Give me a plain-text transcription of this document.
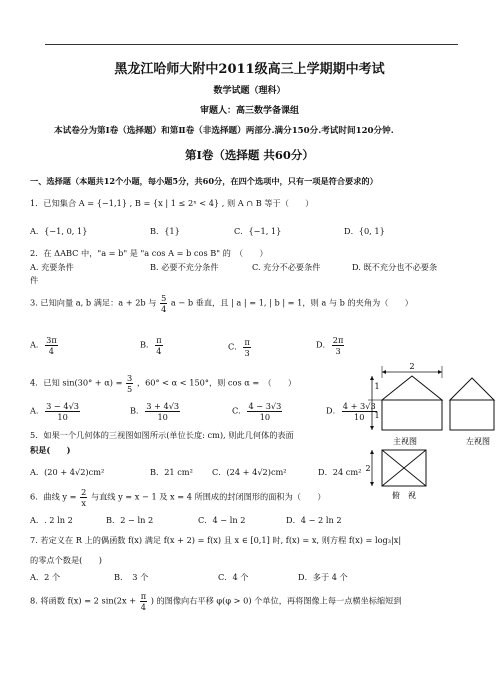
黑龙江哈师大附中2011级高三上学期期中考试
数学试题（理科）
审题人：高三数学备课组
本试卷分为第Ⅰ卷（选择题）和第Ⅱ卷（非选择题）两部分.满分150分.考试时间120分钟.
第Ⅰ卷（选择题 共60分）
一、选择题（本题共12个小题，每小题5分，共60分，在四个选项中，只有一项是符合要求的）
1．已知集合 A = {−1,1} , B = {x | 1 ≤ 2ˣ < 4} , 则 A ∩ B 等于（　　）
A．{−1, 0, 1}	B．{1}	C．{−1, 1}	D．{0, 1}
2．在 ΔABC 中，"a = b" 是 "a cos A = b cos B" 的　（　　）
A. 充要条件	B. 必要不充分条件	C. 充分不必要条件	D. 既不充分也不必要条
件
3. 已知向量 a, b 满足：a + 2b 与 $\frac{5}{4}$ a − b 垂直，且 | a | = 1, | b | = 1，则 a 与 b 的夹角为（　　）
A． $\frac{3\pi}{4}$	B． $\frac{\pi}{4}$	C． $\frac{\pi}{3}$	D． $\frac{2\pi}{3}$
4．已知 $\sin(30^\circ + \alpha) = \frac{3}{5}$ ，60° < α < 150°，则 cos α =　（　　）
A． $\frac{3 - 4√3}{10}$	B． $\frac{3 + 4√3}{10}$	C． $\frac{4 - 3√3}{10}$	D． $\frac{4 + 3√3}{10}$
5．如果一个几何体的三视图如图所示(单位长度: cm), 则此几何体的表面
积是(　　)
A．(20 + 4√2)cm²	B．21 cm² C．(24 + 4√2)cm²	D．24 cm²
2
1
1
主视图	左视图
2
俯　视
6．曲线 $y = \frac{2}{x}$ 与直线 y = x − 1 及 x = 4 所围成的封闭图形的面积为（　　）
A．. 2 ln 2	B．2 − ln 2	C．4 − ln 2	D．4 − 2 ln 2
7. 若定义在 R 上的偶函数 f(x) 满足 f(x + 2) = f(x) 且 x ∈ [0,1] 时, f(x) = x, 则方程 f(x) = log₃|x|
的零点个数是(　　)
A．2 个	B．　3 个	C．4 个	D．多于 4 个
8. 将函数 f(x) = 2 $\sin(2x + \frac{\pi}{4}$ ) 的图像向右平移 φ(φ > 0) 个单位，再将图像上每一点横坐标缩短到
